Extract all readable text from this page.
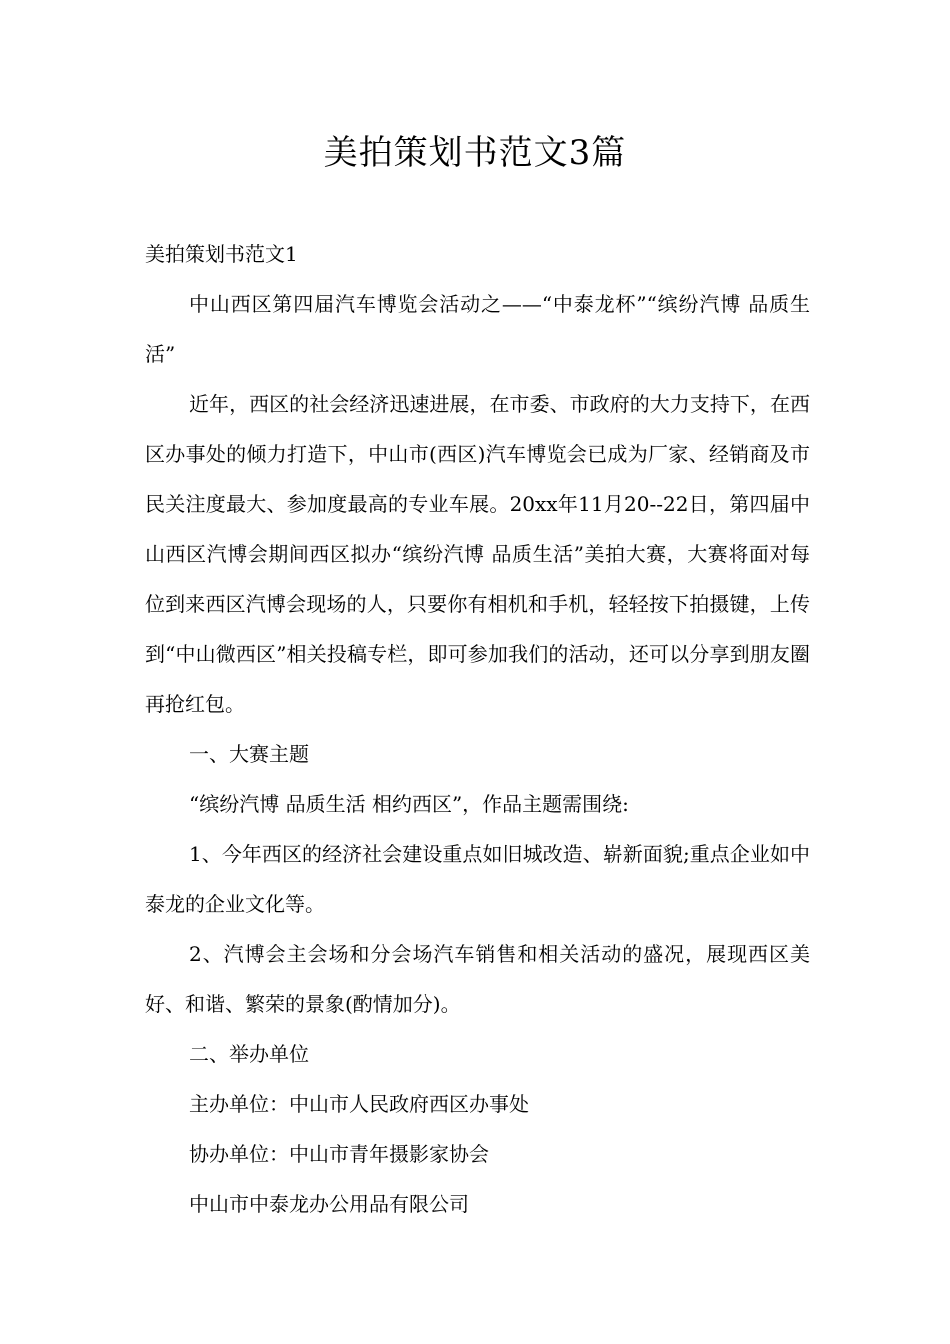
美拍策划书范文3篇

美拍策划书范文1

中山西区第四届汽车博览会活动之——“中泰龙杯”“缤纷汽博 品质生活”

近年，西区的社会经济迅速进展，在市委、市政府的大力支持下，在西区办事处的倾力打造下，中山市(西区)汽车博览会已成为厂家、经销商及市民关注度最大、参加度最高的专业车展。20xx年11月20--22日，第四届中山西区汽博会期间西区拟办“缤纷汽博 品质生活”美拍大赛，大赛将面对每位到来西区汽博会现场的人，只要你有相机和手机，轻轻按下拍摄键，上传到“中山微西区”相关投稿专栏，即可参加我们的活动，还可以分享到朋友圈再抢红包。

一、大赛主题

“缤纷汽博 品质生活 相约西区”，作品主题需围绕:

1、今年西区的经济社会建设重点如旧城改造、崭新面貌;重点企业如中泰龙的企业文化等。

2、汽博会主会场和分会场汽车销售和相关活动的盛况，展现西区美好、和谐、繁荣的景象(酌情加分)。

二、举办单位

主办单位：中山市人民政府西区办事处

协办单位：中山市青年摄影家协会

中山市中泰龙办公用品有限公司
